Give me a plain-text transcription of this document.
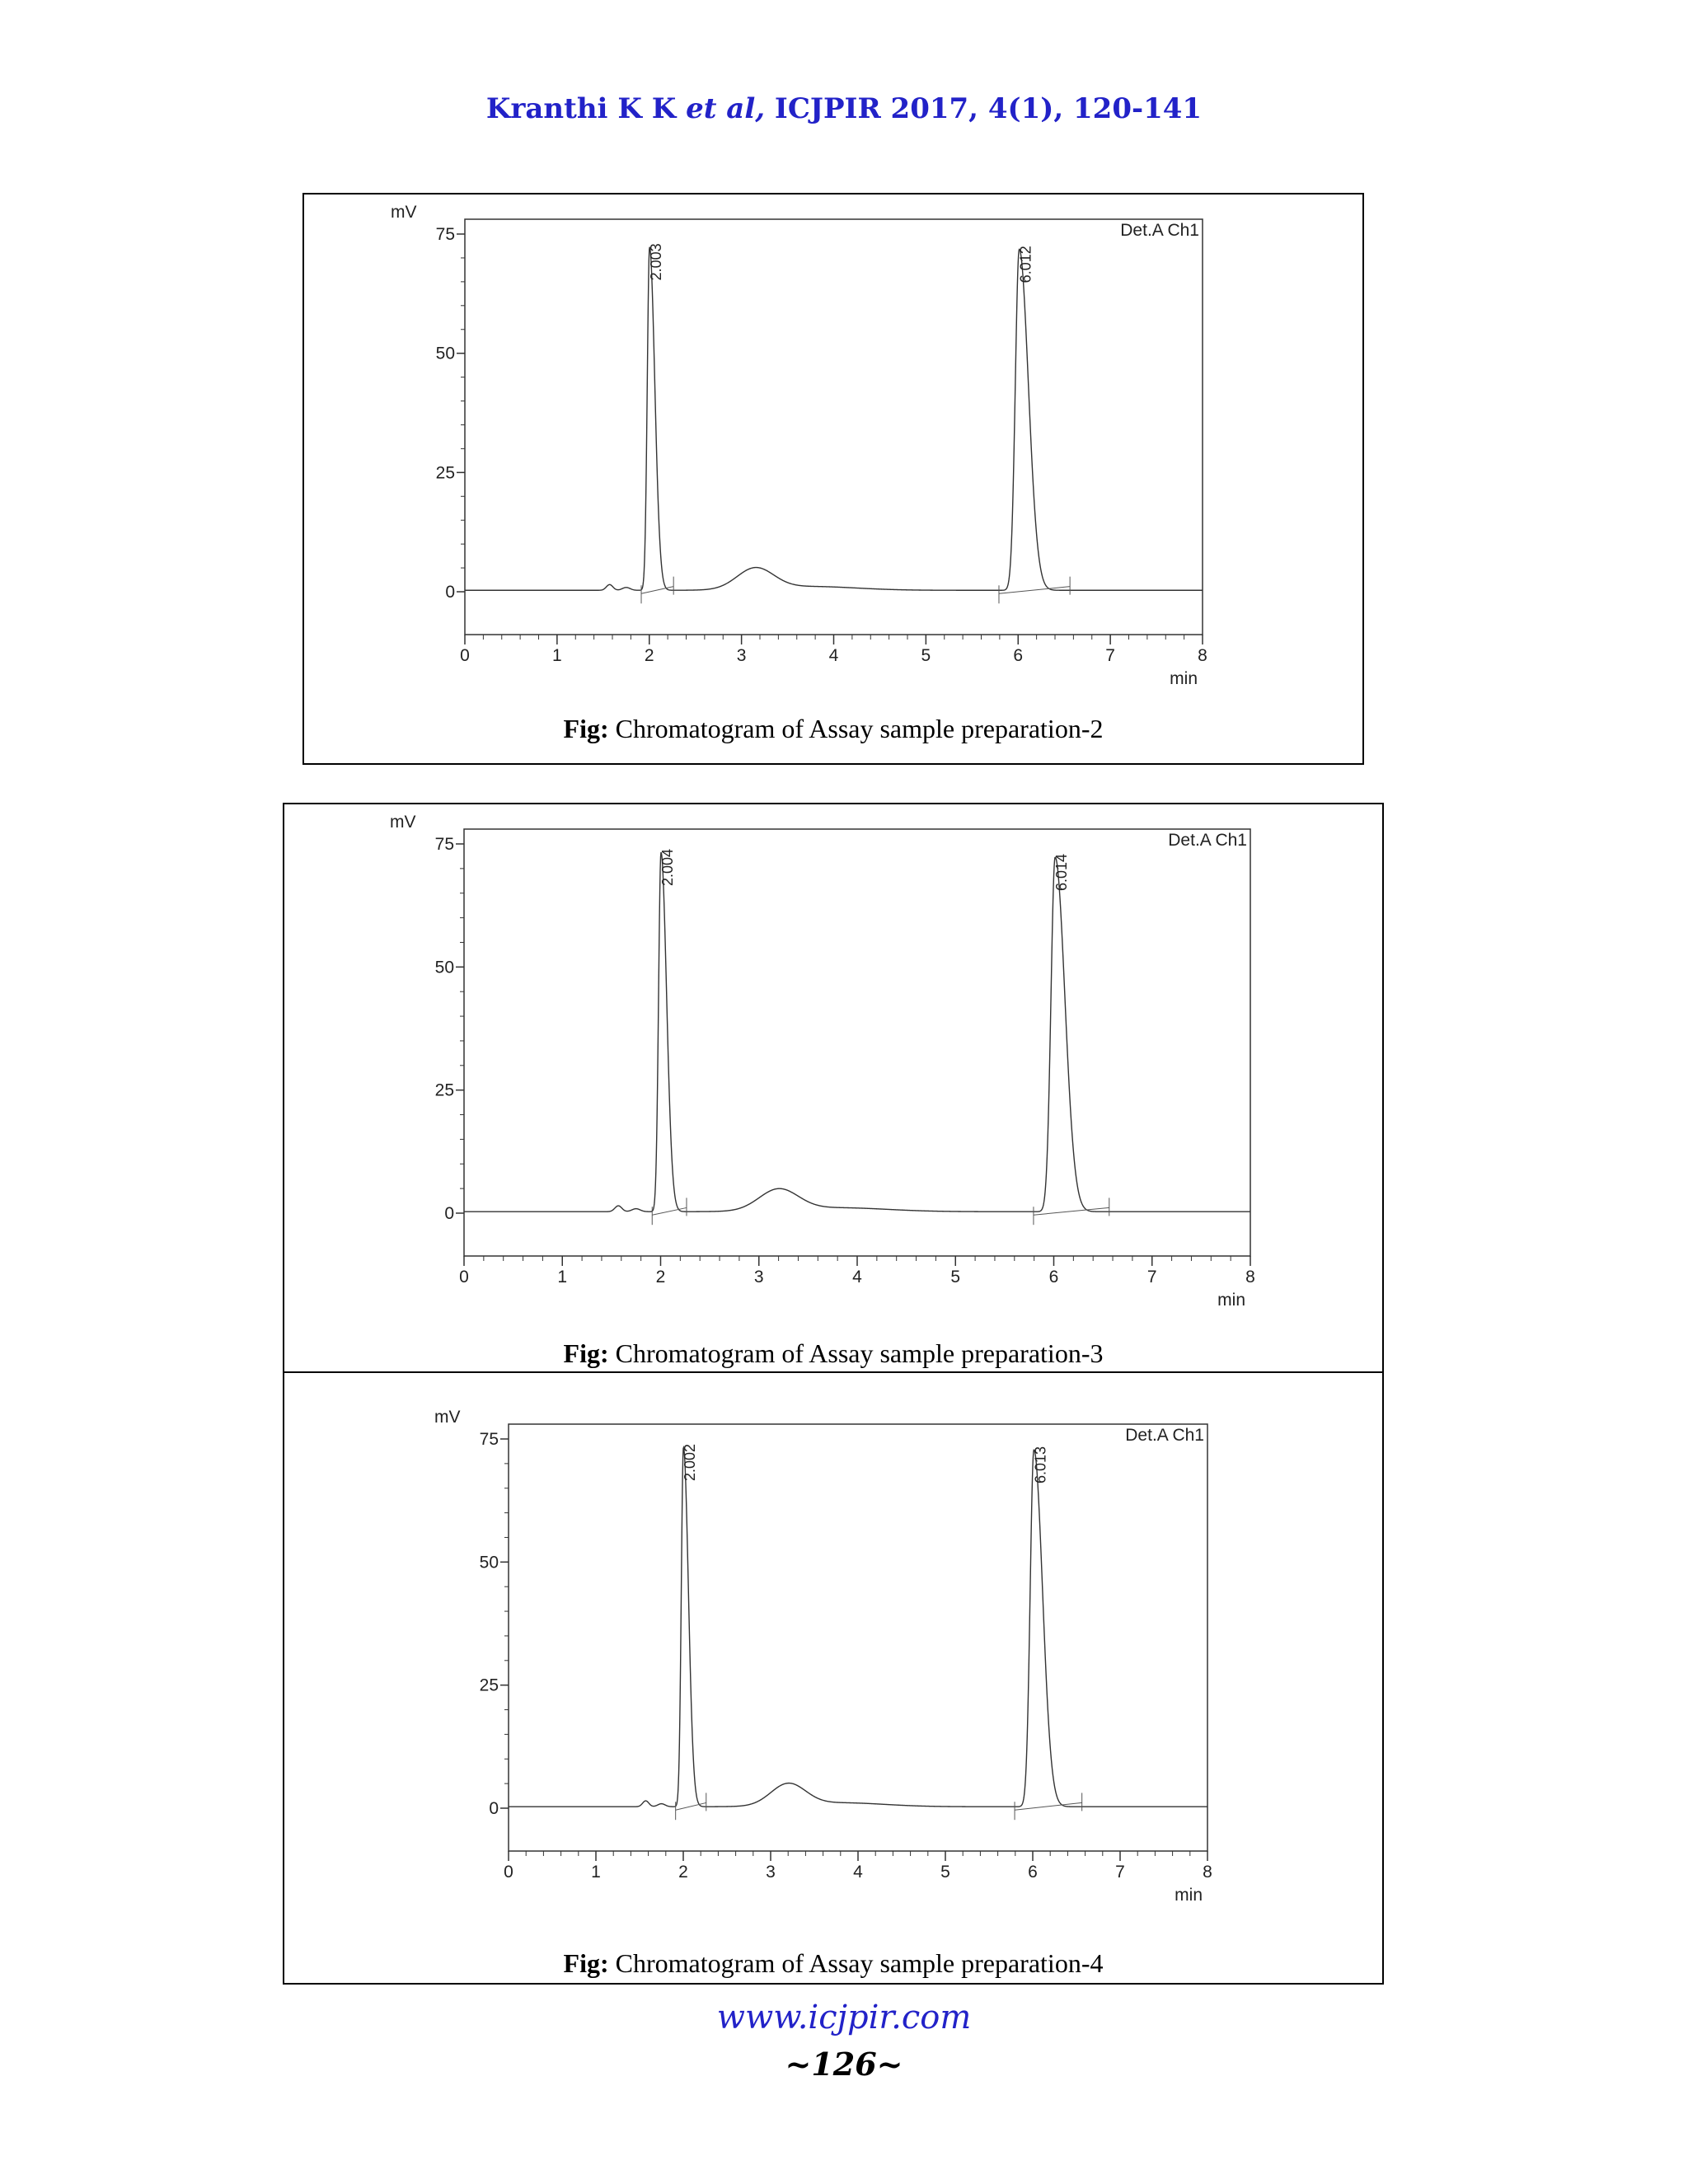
Kranthi K K et al, ICJPIR 2017, 4(1), 120-141
0
25
50
75
mV
0	1	2	3	4	5	6	7	8
min
Det.A Ch1
2.003	6.012
Fig: Chromatogram of Assay sample preparation-2
0
25
50
75
mV
0	1	2	3	4	5	6	7	8
min
Det.A Ch1
2.004	6.014
Fig: Chromatogram of Assay sample preparation-3
0
25
50
75
mV
0	1	2	3	4	5	6	7	8
min
Det.A Ch1
2.002	6.013
Fig: Chromatogram of Assay sample preparation-4
www.icjpir.com
~126~
